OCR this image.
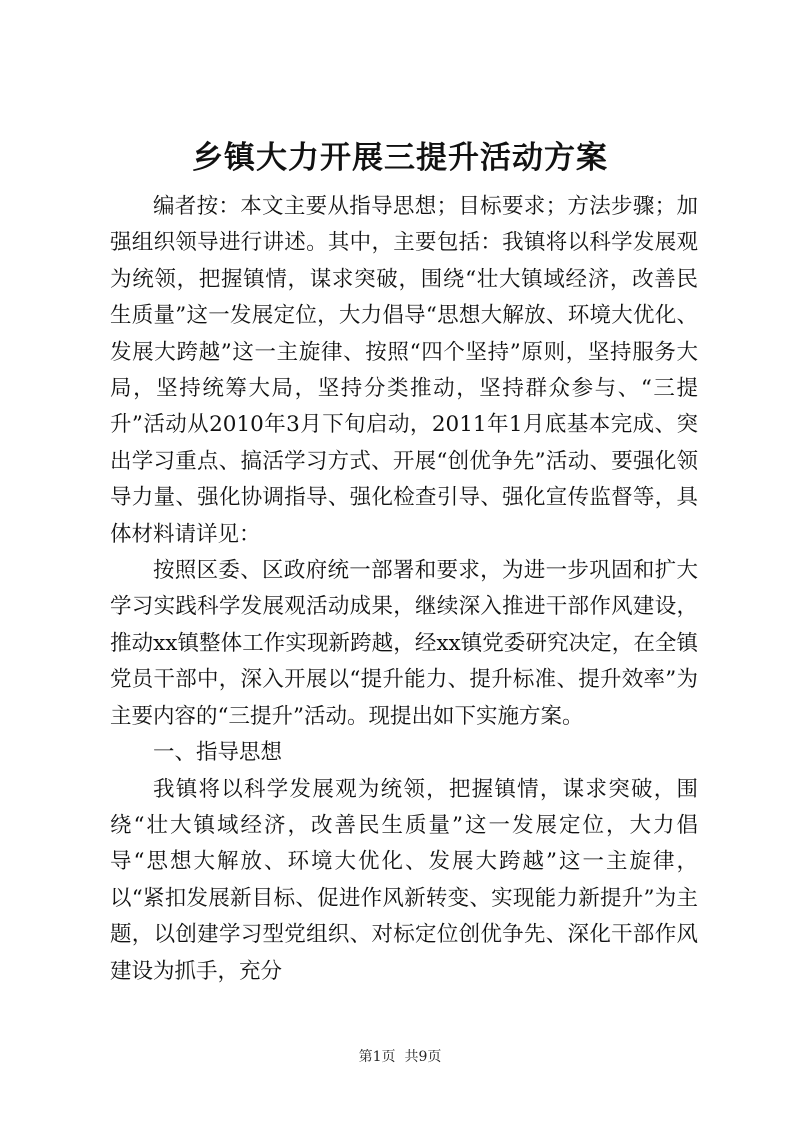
乡镇大力开展三提升活动方案

编者按：本文主要从指导思想；目标要求；方法步骤；加强组织领导进行讲述。其中，主要包括：我镇将以科学发展观为统领，把握镇情，谋求突破，围绕“壮大镇域经济，改善民生质量”这一发展定位，大力倡导“思想大解放、环境大优化、发展大跨越”这一主旋律、按照“四个坚持”原则，坚持服务大局，坚持统筹大局，坚持分类推动，坚持群众参与、“三提升”活动从2010年3月下旬启动，2011年1月底基本完成、突出学习重点、搞活学习方式、开展“创优争先”活动、要强化领导力量、强化协调指导、强化检查引导、强化宣传监督等，具体材料请详见：

按照区委、区政府统一部署和要求，为进一步巩固和扩大学习实践科学发展观活动成果，继续深入推进干部作风建设，推动xx镇整体工作实现新跨越，经xx镇党委研究决定，在全镇党员干部中，深入开展以“提升能力、提升标准、提升效率”为主要内容的“三提升”活动。现提出如下实施方案。

一、指导思想

我镇将以科学发展观为统领，把握镇情，谋求突破，围绕“壮大镇域经济，改善民生质量”这一发展定位，大力倡导“思想大解放、环境大优化、发展大跨越”这一主旋律，以“紧扣发展新目标、促进作风新转变、实现能力新提升”为主题，以创建学习型党组织、对标定位创优争先、深化干部作风建设为抓手，充分

第1页  共9页
